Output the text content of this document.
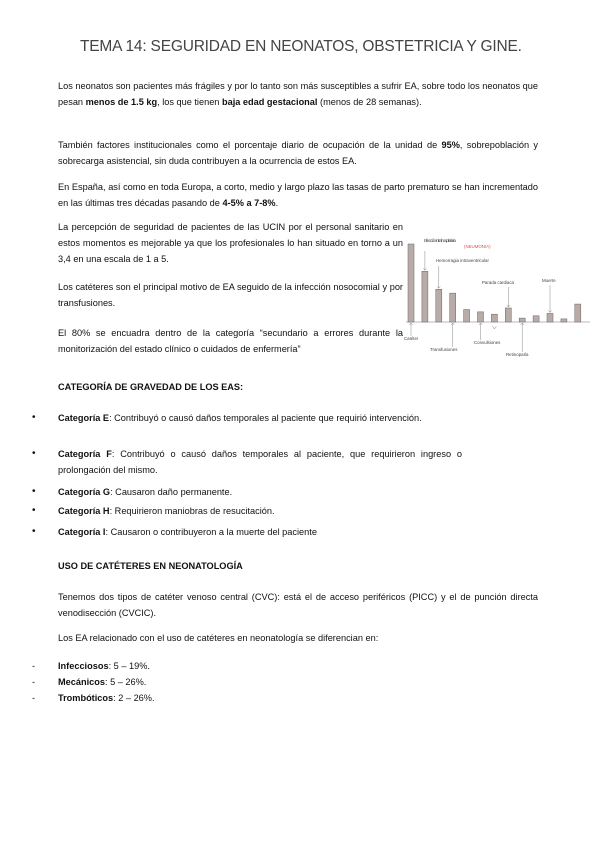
TEMA 14: SEGURIDAD EN NEONATOS, OBSTETRICIA Y GINE.
Los neonatos son pacientes más frágiles y por lo tanto son más susceptibles a sufrir EA, sobre todo los neonatos que pesan menos de 1.5 kg, los que tienen baja edad gestacional (menos de 28 semanas).
También factores institucionales como el porcentaje diario de ocupación de la unidad de 95%, sobrepoblación y sobrecarga asistencial, sin duda contribuyen a la ocurrencia de estos EA.
En España, así como en toda Europa, a corto, medio y largo plazo las tasas de parto prematuro se han incrementado en las últimas tres décadas pasando de 4-5% a 7-8%.
La percepción de seguridad de pacientes de las UCIN por el personal sanitario en estos momentos es mejorable ya que los profesionales lo han situado en torno a un 3,4 en una escala de 1 a 5.
Los catéteres son el principal motivo de EA seguido de la infección nosocomial y por transfusiones.
El 80% se encuadra dentro de la categoría “secundario a errores durante la monitorización del estado clínico o cuidados de enfermería”
Infección intrahospitalaria
(NEUMONIA)
Hemorragia intraventricular
Parada cardiaca	Muerte
Catéter
Transfusiones
Convulsiones
Retinopatía
CATEGORÍA DE GRAVEDAD DE LOS EAS:
• Categoría E: Contribuyó o causó daños temporales al paciente que requirió intervención.
• Categoría F: Contribuyó o causó daños temporales al paciente, que requirieron ingreso o prolongación del mismo.
• Categoría G: Causaron daño permanente.
• Categoría H: Requirieron maniobras de resucitación.
• Categoría I: Causaron o contribuyeron a la muerte del paciente
USO DE CATÉTERES EN NEONATOLOGÍA
Tenemos dos tipos de catéter venoso central (CVC): está el de acceso periféricos (PICC) y el de punción directa venodisección (CVCIC).
Los EA relacionado con el uso de catéteres en neonatología se diferencian en:
- Infecciosos: 5 – 19%.
- Mecánicos: 5 – 26%.
- Trombóticos: 2 – 26%.
